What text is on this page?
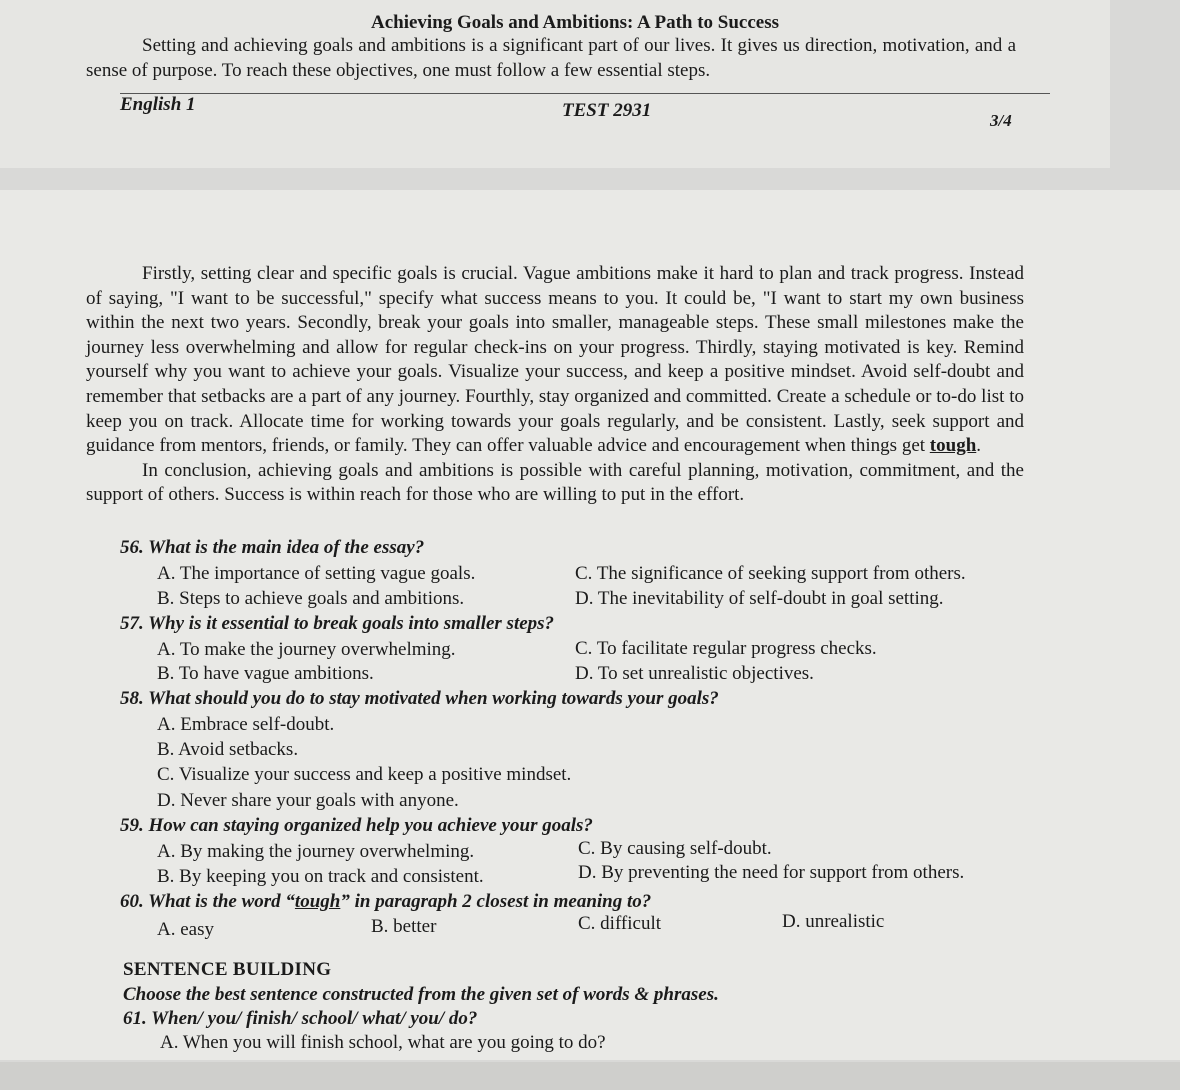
Achieving Goals and Ambitions: A Path to Success
Setting and achieving goals and ambitions is a significant part of our lives. It gives us direction, motivation, and a sense of purpose. To reach these objectives, one must follow a few essential steps.
English 1	TEST 2931	3/4

Firstly, setting clear and specific goals is crucial. Vague ambitions make it hard to plan and track progress. Instead of saying, "I want to be successful," specify what success means to you. It could be, "I want to start my own business within the next two years. Secondly, break your goals into smaller, manageable steps. These small milestones make the journey less overwhelming and allow for regular check-ins on your progress. Thirdly, staying motivated is key. Remind yourself why you want to achieve your goals. Visualize your success, and keep a positive mindset. Avoid self-doubt and remember that setbacks are a part of any journey. Fourthly, stay organized and committed. Create a schedule or to-do list to keep you on track. Allocate time for working towards your goals regularly, and be consistent. Lastly, seek support and guidance from mentors, friends, or family. They can offer valuable advice and encouragement when things get tough.

In conclusion, achieving goals and ambitions is possible with careful planning, motivation, commitment, and the support of others. Success is within reach for those who are willing to put in the effort.

56. What is the main idea of the essay?
A. The importance of setting vague goals.	C. The significance of seeking support from others.
B. Steps to achieve goals and ambitions.	D. The inevitability of self-doubt in goal setting.
57. Why is it essential to break goals into smaller steps?
A. To make the journey overwhelming.	C. To facilitate regular progress checks.
B. To have vague ambitions.	D. To set unrealistic objectives.
58. What should you do to stay motivated when working towards your goals?
A. Embrace self-doubt.
B. Avoid setbacks.
C. Visualize your success and keep a positive mindset.
D. Never share your goals with anyone.
59. How can staying organized help you achieve your goals?
A. By making the journey overwhelming.	C. By causing self-doubt.
B. By keeping you on track and consistent.	D. By preventing the need for support from others.
60. What is the word “tough” in paragraph 2 closest in meaning to?
A. easy	B. better	C. difficult	D. unrealistic
SENTENCE BUILDING
Choose the best sentence constructed from the given set of words & phrases.
61. When/ you/ finish/ school/ what/ you/ do?
A. When you will finish school, what are you going to do?
